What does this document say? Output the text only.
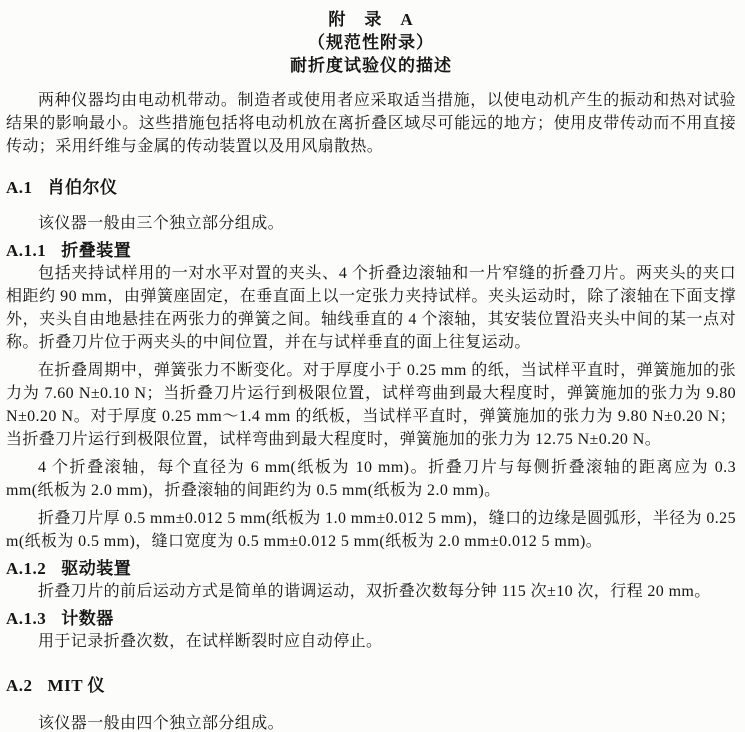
附　录　A
（规范性附录）
耐折度试验仪的描述

两种仪器均由电动机带动。制造者或使用者应采取适当措施，以使电动机产生的振动和热对试验结果的影响最小。这些措施包括将电动机放在离折叠区域尽可能远的地方；使用皮带传动而不用直接传动；采用纤维与金属的传动装置以及用风扇散热。

A.1 肖伯尔仪

该仪器一般由三个独立部分组成。

A.1.1 折叠装置

包括夹持试样用的一对水平对置的夹头、4 个折叠边滚轴和一片窄缝的折叠刀片。两夹头的夹口相距约 90 mm，由弹簧座固定，在垂直面上以一定张力夹持试样。夹头运动时，除了滚轴在下面支撑外，夹头自由地悬挂在两张力的弹簧之间。轴线垂直的 4 个滚轴，其安装位置沿夹头中间的某一点对称。折叠刀片位于两夹头的中间位置，并在与试样垂直的面上往复运动。

在折叠周期中，弹簧张力不断变化。对于厚度小于 0.25 mm 的纸，当试样平直时，弹簧施加的张力为 7.60 N±0.10 N；当折叠刀片运行到极限位置，试样弯曲到最大程度时，弹簧施加的张力为 9.80 N±0.20 N。对于厚度 0.25 mm～1.4 mm 的纸板，当试样平直时，弹簧施加的张力为 9.80 N±0.20 N；当折叠刀片运行到极限位置，试样弯曲到最大程度时，弹簧施加的张力为 12.75 N±0.20 N。

4 个折叠滚轴，每个直径为 6 mm(纸板为 10 mm)。折叠刀片与每侧折叠滚轴的距离应为 0.3 mm(纸板为 2.0 mm)，折叠滚轴的间距约为 0.5 mm(纸板为 2.0 mm)。

折叠刀片厚 0.5 mm±0.012 5 mm(纸板为 1.0 mm±0.012 5 mm)，缝口的边缘是圆弧形，半径为 0.25 m(纸板为 0.5 mm)，缝口宽度为 0.5 mm±0.012 5 mm(纸板为 2.0 mm±0.012 5 mm)。

A.1.2 驱动装置

折叠刀片的前后运动方式是简单的谐调运动，双折叠次数每分钟 115 次±10 次，行程 20 mm。

A.1.3 计数器

用于记录折叠次数，在试样断裂时应自动停止。

A.2 MIT 仪

该仪器一般由四个独立部分组成。
